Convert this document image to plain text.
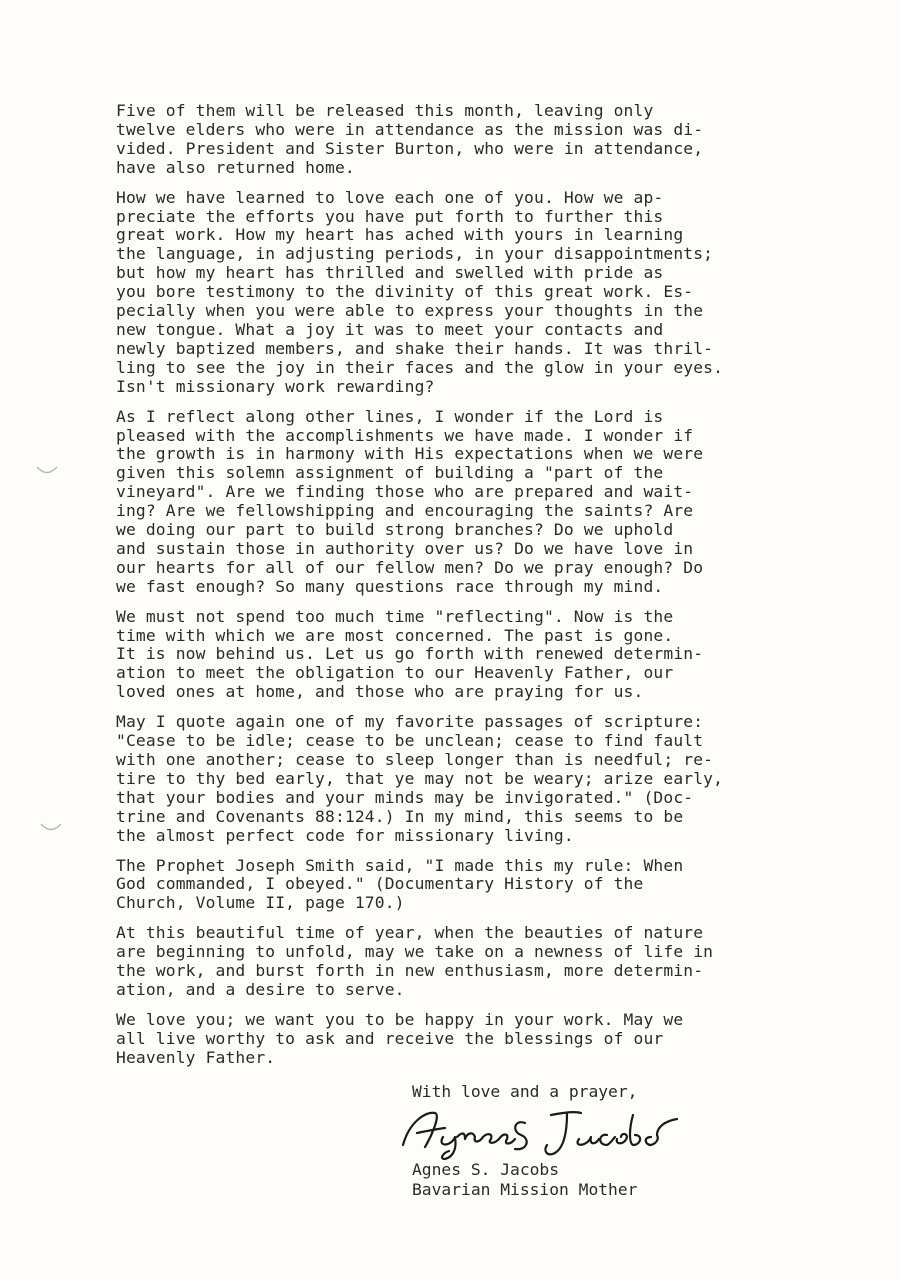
Five of them will be released this month, leaving only
twelve elders who were in attendance as the mission was di-
vided. President and Sister Burton, who were in attendance,
have also returned home.
How we have learned to love each one of you. How we ap-
preciate the efforts you have put forth to further this
great work. How my heart has ached with yours in learning
the language, in adjusting periods, in your disappointments;
but how my heart has thrilled and swelled with pride as
you bore testimony to the divinity of this great work. Es-
pecially when you were able to express your thoughts in the
new tongue. What a joy it was to meet your contacts and
newly baptized members, and shake their hands. It was thril-
ling to see the joy in their faces and the glow in your eyes.
Isn't missionary work rewarding?
As I reflect along other lines, I wonder if the Lord is
pleased with the accomplishments we have made. I wonder if
the growth is in harmony with His expectations when we were
given this solemn assignment of building a "part of the
vineyard". Are we finding those who are prepared and wait-
ing? Are we fellowshipping and encouraging the saints? Are
we doing our part to build strong branches? Do we uphold
and sustain those in authority over us? Do we have love in
our hearts for all of our fellow men? Do we pray enough? Do
we fast enough? So many questions race through my mind.
We must not spend too much time "reflecting". Now is the
time with which we are most concerned. The past is gone.
It is now behind us. Let us go forth with renewed determin-
ation to meet the obligation to our Heavenly Father, our
loved ones at home, and those who are praying for us.
May I quote again one of my favorite passages of scripture:
"Cease to be idle; cease to be unclean; cease to find fault
with one another; cease to sleep longer than is needful; re-
tire to thy bed early, that ye may not be weary; arize early,
that your bodies and your minds may be invigorated." (Doc-
trine and Covenants 88:124.) In my mind, this seems to be
the almost perfect code for missionary living.
The Prophet Joseph Smith said, "I made this my rule: When
God commanded, I obeyed." (Documentary History of the
Church, Volume II, page 170.)
At this beautiful time of year, when the beauties of nature
are beginning to unfold, may we take on a newness of life in
the work, and burst forth in new enthusiasm, more determin-
ation, and a desire to serve.
We love you; we want you to be happy in your work. May we
all live worthy to ask and receive the blessings of our
Heavenly Father.
With love and a prayer,
Agnes S. Jacobs
Bavarian Mission Mother
